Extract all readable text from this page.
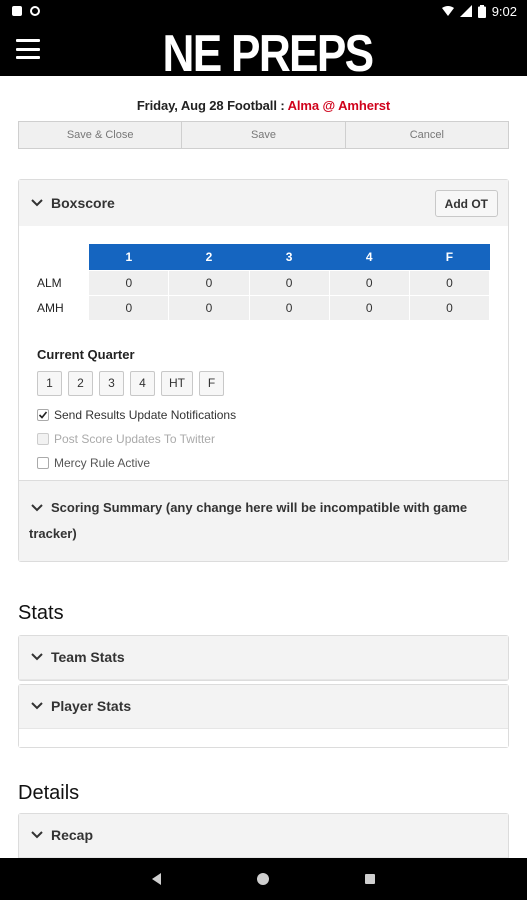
9:02
NE PREPS
Friday, Aug 28 Football : Alma @ Amherst
Save & Close	Save	Cancel
Boxscore	Add OT
	1	2	3	4	F
ALM	0	0	0	0	0
AMH	0	0	0	0	0
Current Quarter
1	2	3	4	HT	F
Send Results Update Notifications
Post Score Updates To Twitter
Mercy Rule Active
Scoring Summary (any change here will be incompatible with game tracker)
Stats
Team Stats
Player Stats
Details
Recap
